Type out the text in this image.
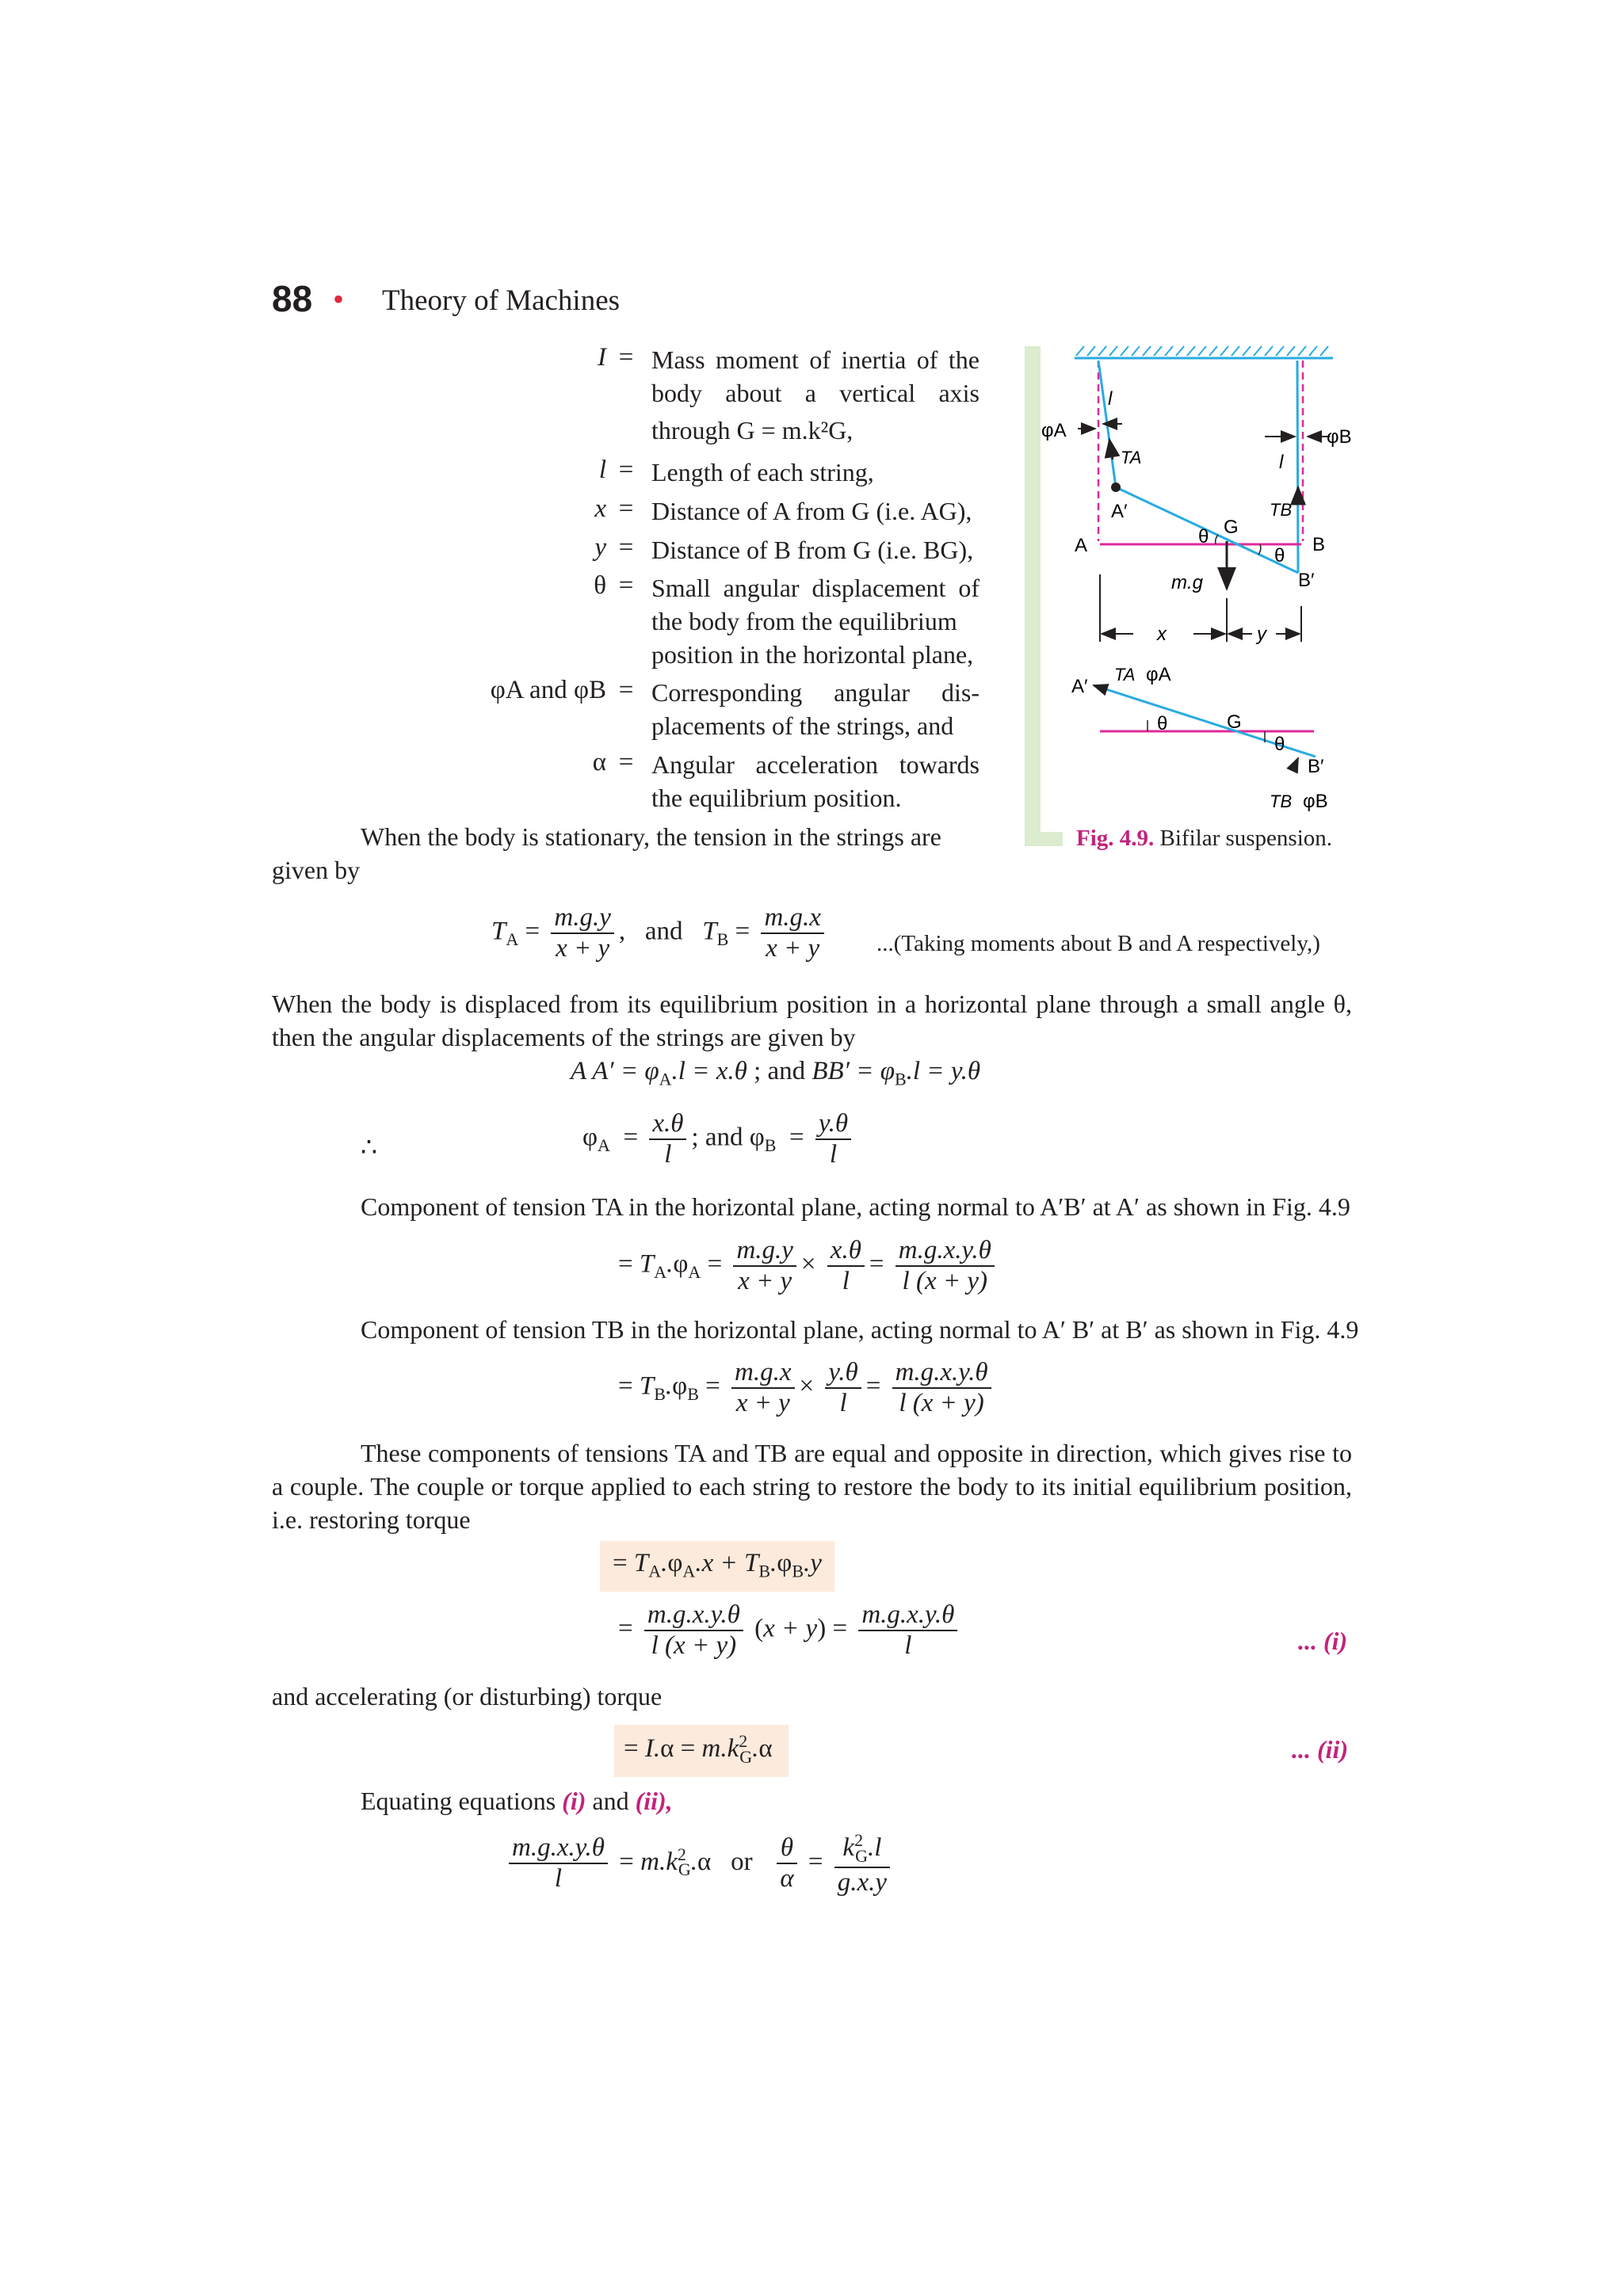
88 • Theory of Machines
I = Mass moment of inertia of the
body about a vertical axis
through G = m.k²G,
l = Length of each string,
x = Distance of A from G (i.e. AG),
y = Distance of B from G (i.e. BG),
θ = Small angular displacement of
the body from the equilibrium
position in the horizontal plane,
φA and φB = Corresponding angular dis-
placements of the strings, and
α = Angular acceleration towards
the equilibrium position.
When the body is stationary, the tension in the strings are
given by
l
l
φA	φB
TA
TB
A′
A	B
B′
G
θ
θ
m.g
x	y
A′
TA φA
θ	G
θ
B′
TB φB
Fig. 4.9. Bifilar suspension.
$T_A = \frac{m.g.y}{x + y}$ , and   $T_B = \frac{m.g.x}{x + y}$ ...(Taking moments about B and A respectively,)
When the body is displaced from its equilibrium position in a horizontal plane through a small angle θ, then the angular displacements of the strings are given by
A $A' = \varphi_A.l = x.\theta$ ; and $BB' = \varphi_B.l = y.\theta$
∴	$\varphi_A = \frac{x.\theta}{l}$ ; and $\varphi_B = \frac{y.\theta}{l}$
Component of tension TA in the horizontal plane, acting normal to A′B′ at A′ as shown in Fig. 4.9
= $T_A.\varphi_A = \frac{m.g.y}{x + y} \times \frac{x.\theta}{l} = \frac{m.g.x.y.\theta}{l (x + y)}$
Component of tension TB in the horizontal plane, acting normal to A′ B′ at B′ as shown in Fig. 4.9
= $T_B.\varphi_B = \frac{m.g.x}{x + y} \times \frac{y.\theta}{l} = \frac{m.g.x.y.\theta}{l (x + y)}$
These components of tensions TA and TB are equal and opposite in direction, which gives rise to a couple. The couple or torque applied to each string to restore the body to its initial equilibrium position, i.e. restoring torque
= $T_A.\varphi_A.x + T_B.\varphi_B.y$
= $\frac{m.g.x.y.\theta}{l (x + y)} (x + y) = \frac{m.g.x.y.\theta}{l}$	... (i)
and accelerating (or disturbing) torque
= $I.\alpha = m.k^2_G.\alpha$	... (ii)
Equating equations (i) and (ii),
$\frac{m.g.x.y.\theta}{l} = m.k^2_G.\alpha$ or $\frac{\theta}{\alpha} = \frac{k^2_G.l}{g.x.y}$
